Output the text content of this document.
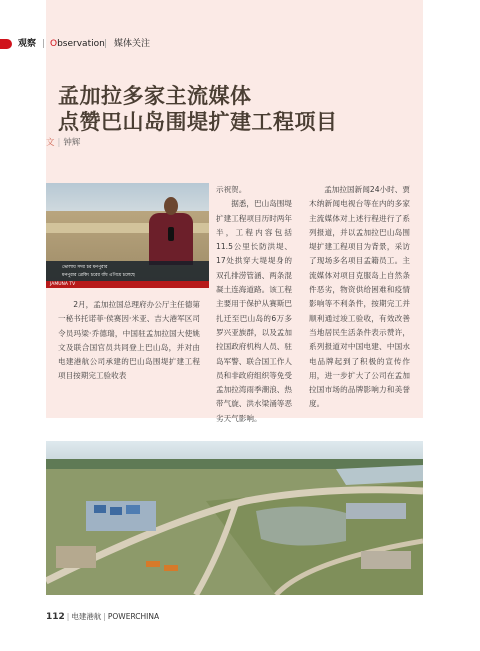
观察 | Observation | 媒体关注
孟加拉多家主流媒体
点赞巴山岛围堤扩建工程项目
文 | 钟辉
ভোলায় সদর চর মনপুরার
মনপুরার ব্রেকিং চরের বাঁধ এগিয়ে চলেছে
JAMUNA TV
2月，孟加拉国总理府办公厅主任德第一秘书托诺菲·侯赛因·米亚、吉大港军区司令员玛梁·乔德瑞，中国驻孟加拉国大使姚文及联合国官员共同登上巴山岛，并对由电建港航公司承建的巴山岛围堤扩建工程项目按期完工验收表

示祝贺。

据悉，巴山岛围堤扩建工程项目历时两年半，工程内容包括11.5公里长防洪堤、17处拱穿大堤堤身的双孔排涝管涵、两条混凝土连海道路。该工程主要用于保护从赛斯巴扎迁至巴山岛的6万多罗兴亚族群，以及孟加拉国政府机构人员、驻岛军警、联合国工作人员和非政府组织等免受孟加拉湾雨季潮浪、热带气旋、洪水梁涌等恶劣天气影响。

孟加拉国新闻24小时、贾木纳新闻电视台等在内的多家主流媒体对上述行程进行了系列报道，并以孟加拉巴山岛围堤扩建工程项目为背景，采访了现场多名项目孟籍员工。主流媒体对项目克服岛上自然条件恶劣，物资供给困难和疫情影响等不利条件，按期完工并顺利通过竣工验收，有效改善当地居民生活条件表示赞许，系列报道对中国电建、中国水电品牌起到了积极的宣传作用，进一步扩大了公司在孟加拉国市场的品牌影响力和美誉度。
112 | 电建港航 | POWERCHINA
